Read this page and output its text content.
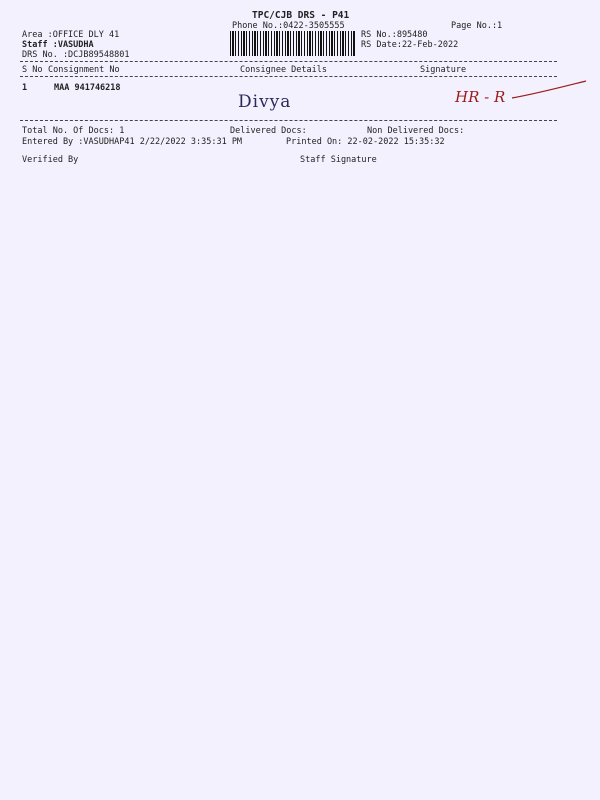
TPC/CJB DRS - P41
Phone No.:0422-3505555	Page No.:1
Area :OFFICE DLY 41
Staff :VASUDHA
DRS No. :DCJB89548801
RS No.:895480
RS Date:22-Feb-2022
S No Consignment No	Consignee Details	Signature
1	MAA 941746218
Divya	HR - R
Total No. Of Docs: 1	Delivered Docs:	Non Delivered Docs:
Entered By :VASUDHAP41 2/22/2022 3:35:31 PM	Printed On: 22-02-2022 15:35:32
Verified By	Staff Signature
